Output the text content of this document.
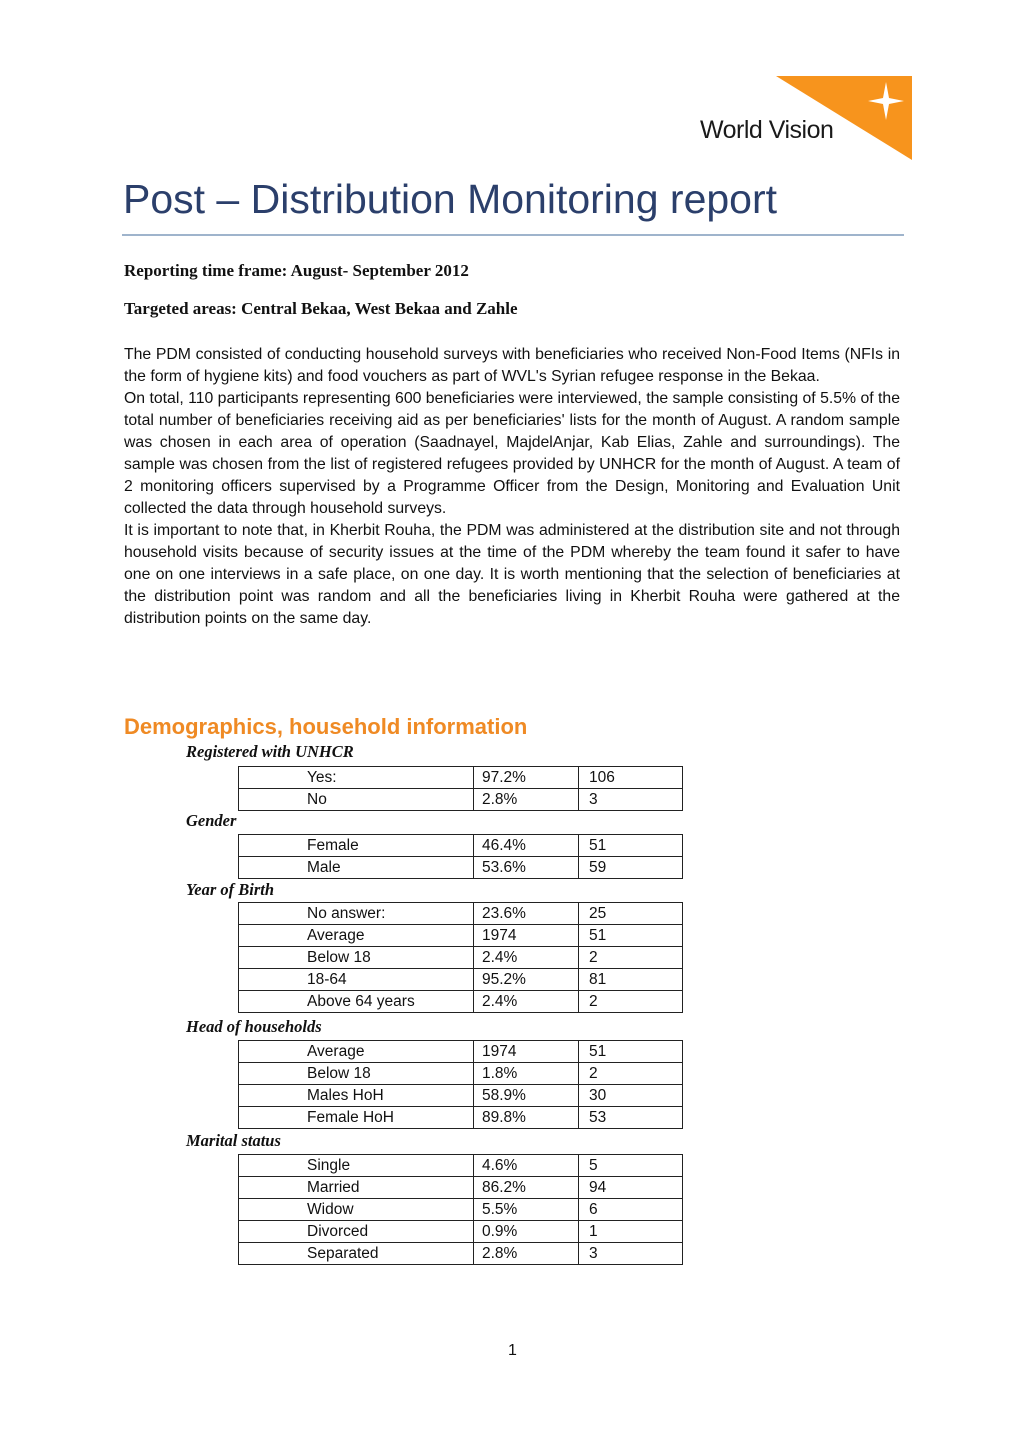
World Vision
Post – Distribution Monitoring report
Reporting time frame: August- September 2012
Targeted areas: Central Bekaa, West Bekaa and Zahle

The PDM consisted of conducting household surveys with beneficiaries who received Non-Food Items (NFIs in the form of hygiene kits) and food vouchers as part of WVL's Syrian refugee response in the Bekaa.

On total, 110 participants representing 600 beneficiaries were interviewed, the sample consisting of 5.5% of the total number of beneficiaries receiving aid as per beneficiaries' lists for the month of August. A random sample was chosen in each area of operation (Saadnayel, MajdelAnjar, Kab Elias, Zahle and surroundings). The sample was chosen from the list of registered refugees provided by UNHCR for the month of August. A team of 2 monitoring officers supervised by a Programme Officer from the Design, Monitoring and Evaluation Unit collected the data through household surveys.

It is important to note that, in Kherbit Rouha, the PDM was administered at the distribution site and not through household visits because of security issues at the time of the PDM whereby the team found it safer to have one on one interviews in a safe place, on one day. It is worth mentioning that the selection of beneficiaries at the distribution point was random and all the beneficiaries living in Kherbit Rouha were gathered at the distribution points on the same day.

Demographics, household information
Registered with UNHCR
	Yes:	97.2%	106
	No	2.8%	3
Gender
	Female	46.4%	51
	Male	53.6%	59
Year of Birth
	No answer:	23.6%	25
	Average	1974	51
	Below 18	2.4%	2
	18-64	95.2%	81
	Above 64 years	2.4%	2
Head of households
	Average	1974	51
	Below 18	1.8%	2
	Males HoH	58.9%	30
	Female HoH	89.8%	53
Marital status
	Single	4.6%	5
	Married	86.2%	94
	Widow	5.5%	6
	Divorced	0.9%	1
	Separated	2.8%	3
1
